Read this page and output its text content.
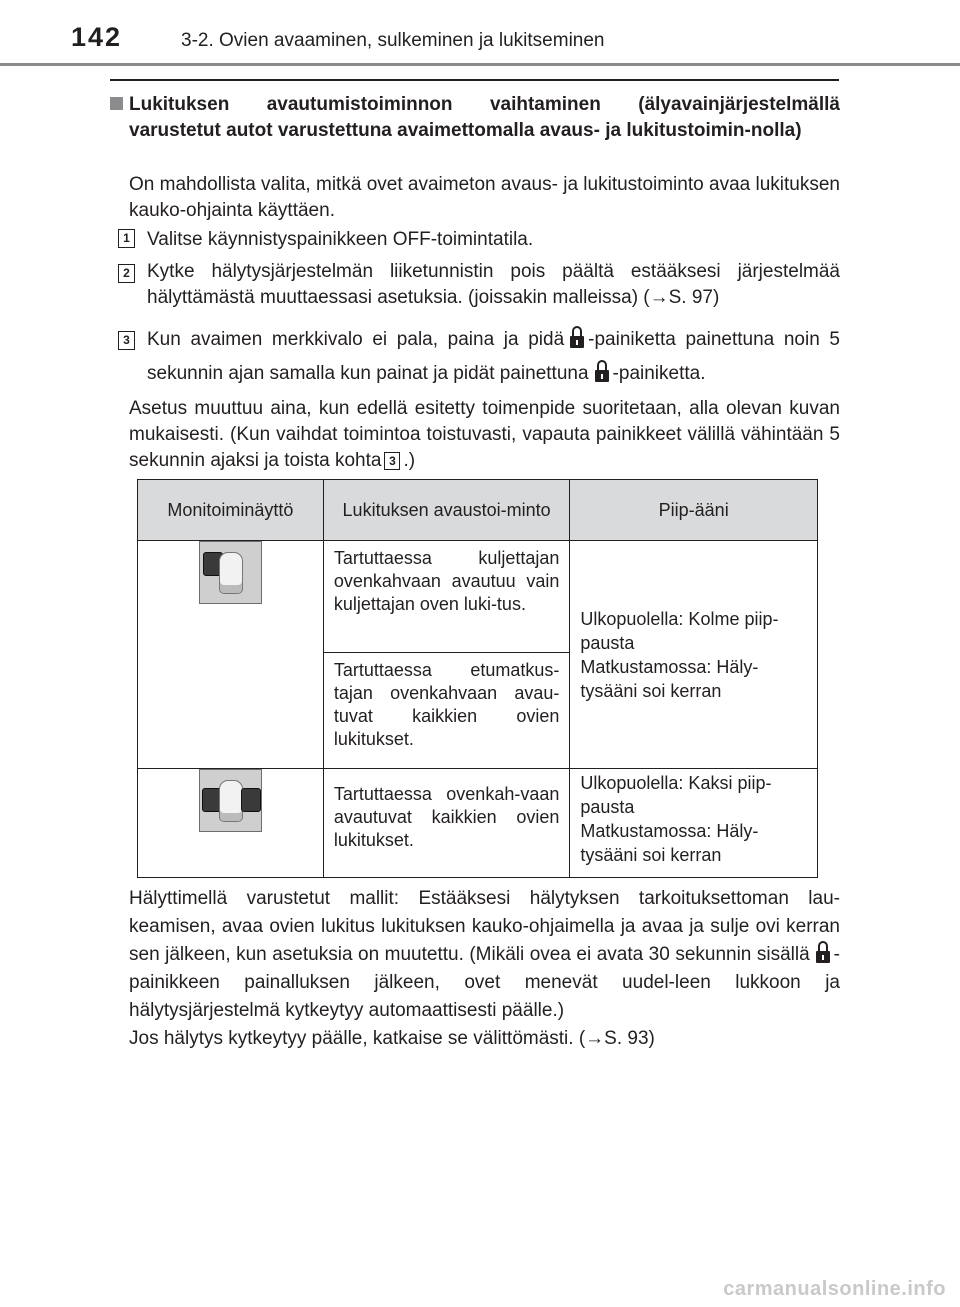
142	3-2. Ovien avaaminen, sulkeminen ja lukitseminen
Lukituksen avautumistoiminnon vaihtaminen (älyavainjärjestelmällä varustetut autot varustettuna avaimettomalla avaus- ja lukitustoimin-nolla)
On mahdollista valita, mitkä ovet avaimeton avaus- ja lukitustoiminto avaa lukituksen kauko-ohjainta käyttäen.
1 Valitse käynnistyspainikkeen OFF-toimintatila.
2 Kytke hälytysjärjestelmän liiketunnistin pois päältä estääksesi järjestelmää hälyttämästä muuttaessasi asetuksia. (joissakin malleissa) (→S. 97)
3 Kun avaimen merkkivalo ei pala, paina ja pidä -painiketta painettuna noin 5 sekunnin ajan samalla kun painat ja pidät painettuna -painiketta.
Asetus muuttuu aina, kun edellä esitetty toimenpide suoritetaan, alla olevan kuvan mukaisesti. (Kun vaihdat toimintoa toistuvasti, vapauta painikkeet välillä vähintään 5 sekunnin ajaksi ja toista kohta 3 .)
Monitoiminäyttö	Lukituksen avaustoi-minto	Piip-ääni

	Tartuttaessa kuljettajan ovenkahvaan avautuu vain kuljettajan oven luki-tus.	Ulkopuolella: Kolme piip-
pausta
Matkustamossa: Häly-
tysääni soi kerran

	Tartuttaessa etumatkus-tajan ovenkahvaan avau-tuvat kaikkien ovien lukitukset.	

	Tartuttaessa ovenkah-vaan avautuvat kaikkien ovien lukitukset.	Ulkopuolella: Kaksi piip-
pausta
Matkustamossa: Häly-
tysääni soi kerran
Hälyttimellä varustetut mallit: Estääksesi hälytyksen tarkoituksettoman lau-keamisen, avaa ovien lukitus lukituksen kauko-ohjaimella ja avaa ja sulje ovi kerran sen jälkeen, kun asetuksia on muutettu. (Mikäli ovea ei avata 30 sekunnin sisällä -painikkeen painalluksen jälkeen, ovet menevät uudel-leen lukkoon ja hälytysjärjestelmä kytkeytyy automaattisesti päälle.)
Jos hälytys kytkeytyy päälle, katkaise se välittömästi. (→S. 93)
carmanualsonline.info
